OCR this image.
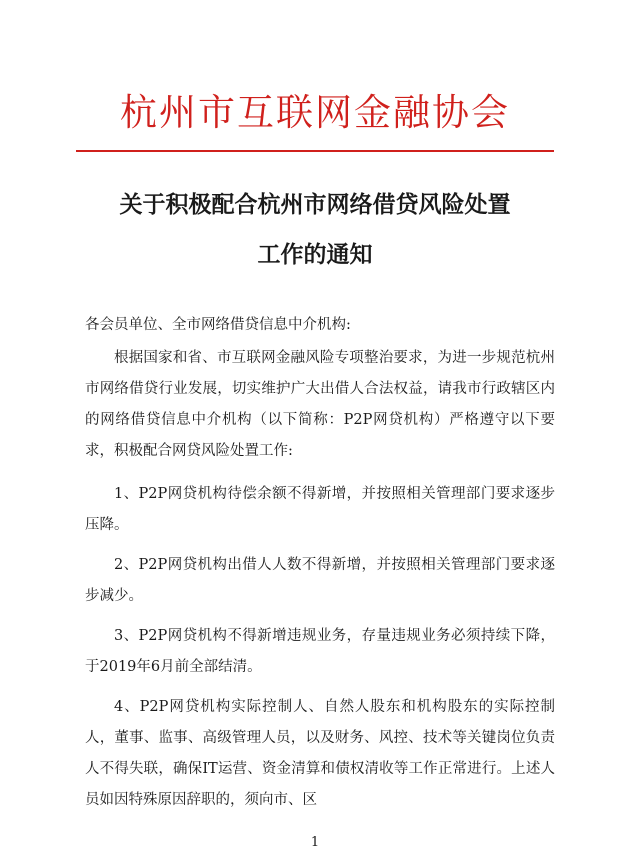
杭州市互联网金融协会
关于积极配合杭州市网络借贷风险处置
工作的通知
各会员单位、全市网络借贷信息中介机构:
根据国家和省、市互联网金融风险专项整治要求，为进一步规范杭州市网络借贷行业发展，切实维护广大出借人合法权益，请我市行政辖区内的网络借贷信息中介机构（以下简称：P2P网贷机构）严格遵守以下要求，积极配合网贷风险处置工作:
1、P2P网贷机构待偿余额不得新增，并按照相关管理部门要求逐步压降。
2、P2P网贷机构出借人人数不得新增，并按照相关管理部门要求逐步减少。
3、P2P网贷机构不得新增违规业务，存量违规业务必须持续下降，于2019年6月前全部结清。
4、P2P网贷机构实际控制人、自然人股东和机构股东的实际控制人，董事、监事、高级管理人员，以及财务、风控、技术等关键岗位负责人不得失联，确保IT运营、资金清算和债权清收等工作正常进行。上述人员如因特殊原因辞职的，须向市、区
1
